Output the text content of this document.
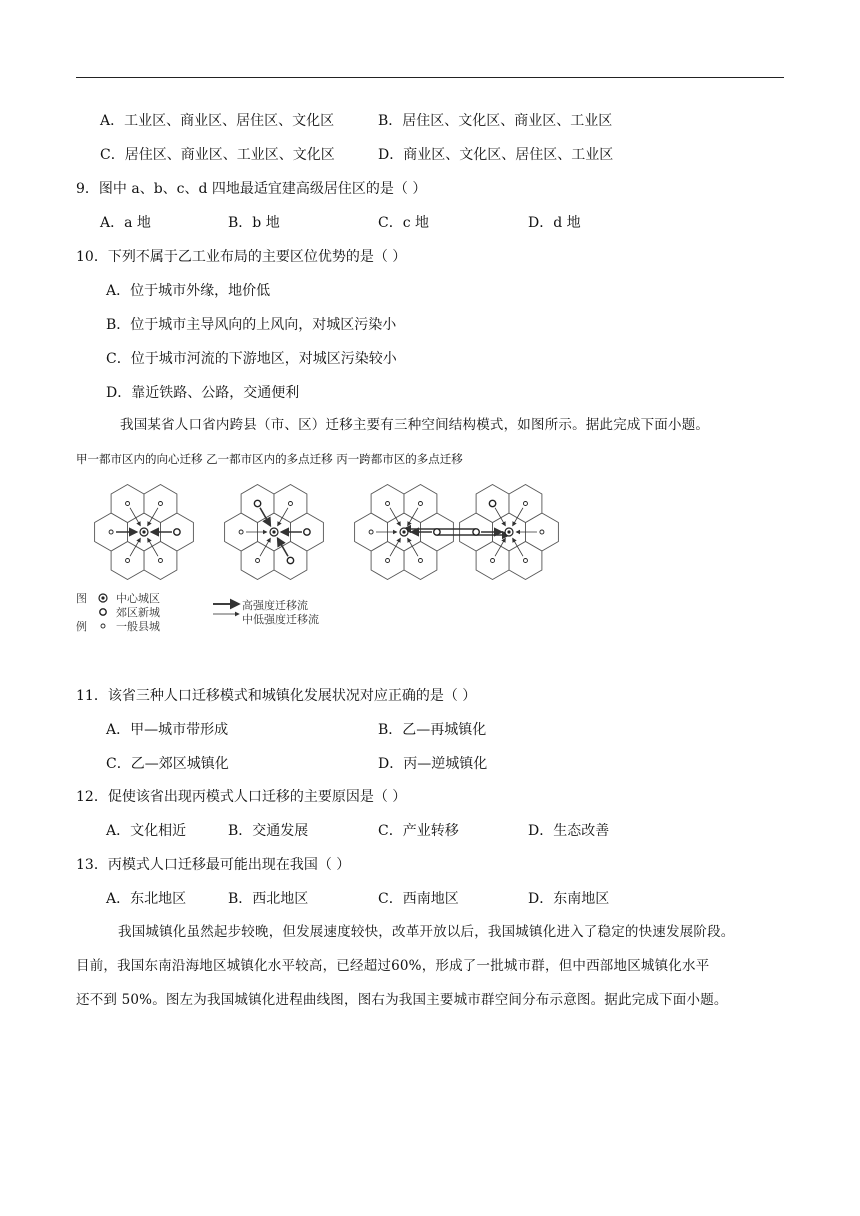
A．工业区、商业区、居住区、文化区	B．居住区、文化区、商业区、工业区
C．居住区、商业区、工业区、文化区	D．商业区、文化区、居住区、工业区
9．图中 a、b、c、d 四地最适宜建高级居住区的是（ ）
A．a 地	B．b 地	C．c 地	D．d 地
10．下列不属于乙工业布局的主要区位优势的是（ ）
A．位于城市外缘，地价低
B．位于城市主导风向的上风向，对城区污染小
C．位于城市河流的下游地区，对城区污染较小
D．靠近铁路、公路，交通便利
我国某省人口省内跨县（市、区）迁移主要有三种空间结构模式，如图所示。据此完成下面小题。
甲一都市区内的向心迁移 乙一都市区内的多点迁移 丙一跨都市区的多点迁移
图
例
中心城区
郊区新城
一般县城
高强度迁移流
中低强度迁移流
11．该省三种人口迁移模式和城镇化发展状况对应正确的是（ ）
A．甲—城市带形成	B．乙—再城镇化
C．乙—郊区城镇化	D．丙—逆城镇化
12．促使该省出现丙模式人口迁移的主要原因是（ ）
A．文化相近	B．交通发展	C．产业转移	D．生态改善
13．丙模式人口迁移最可能出现在我国（ ）
A．东北地区	B．西北地区	C．西南地区	D．东南地区
我国城镇化虽然起步较晚，但发展速度较快，改革开放以后，我国城镇化进入了稳定的快速发展阶段。
目前，我国东南沿海地区城镇化水平较高，已经超过60%，形成了一批城市群，但中西部地区城镇化水平
还不到 50%。图左为我国城镇化进程曲线图，图右为我国主要城市群空间分布示意图。据此完成下面小题。
